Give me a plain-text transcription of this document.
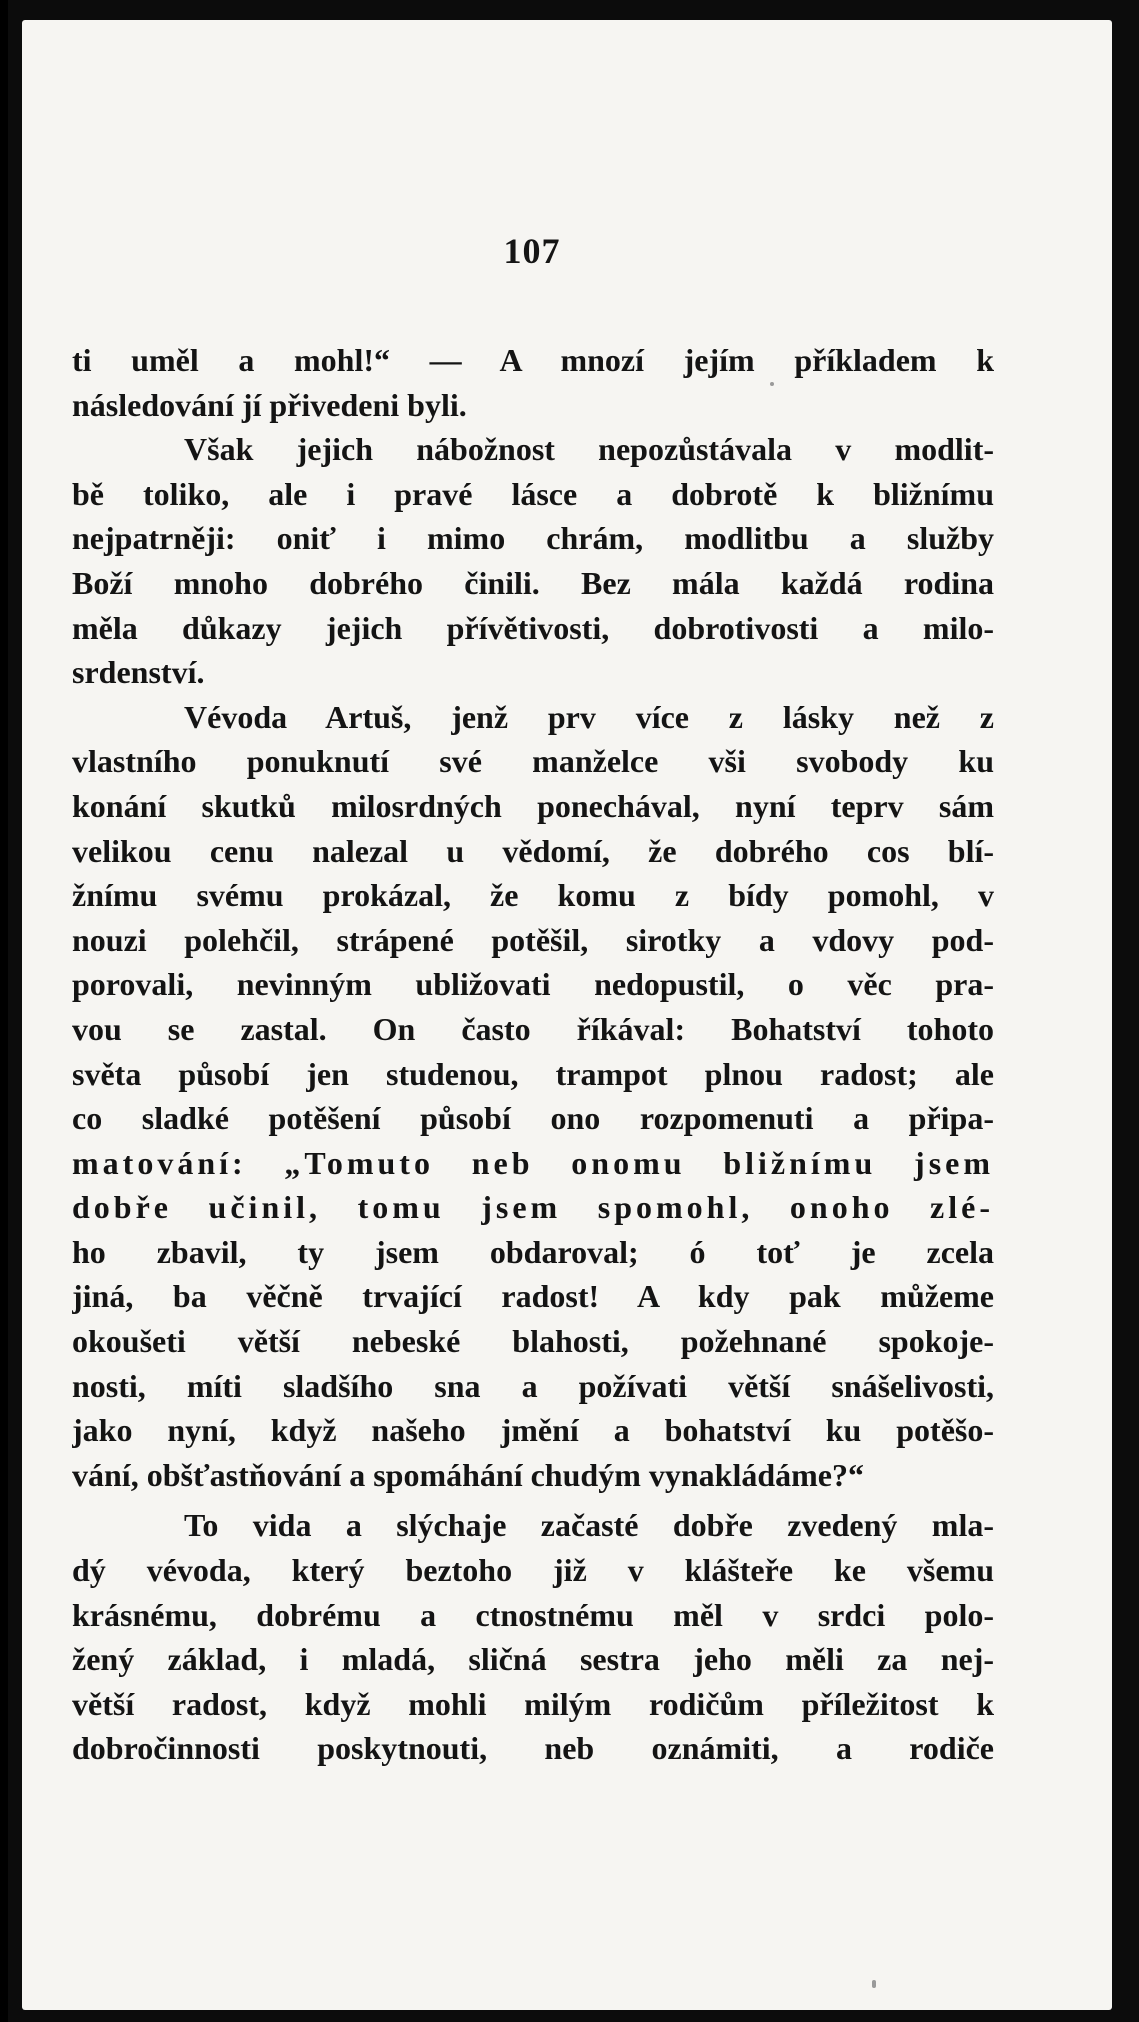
107
ti uměl a mohl!“ — A mnozí jejím příkladem k
následování jí přivedeni byli.
Však jejich nábožnost nepozůstávala v modlit-
bě tolikо, ale i pravé lásce a dobrotě k bližnímu
nejpatrněji: oniť i mimo chrám, modlitbu a služby
Boží mnoho dobrého činili. Bez mála každá rodina
měla důkazy jejich přívětivosti, dobrotivosti a milo-
srdenství.
Vévoda Artuš, jenž prv více z lásky než z
vlastního ponuknutí své manželce vši svobody ku
konání skutků milosrdných ponechával, nyní teprv sám
velikou cenu nalezal u vědomí, že dobrého cos blí-
žnímu svému prokázal, že komu z bídy pomohl, v
nouzi polehčil, strápené potěšil, sirotky a vdovy pod-
porovali, nevinným ubližovati nedopustil, o věc pra-
vou se zastal. On často říkával: Bohatství tohoto
světa působí jen studenou, trampot plnou radost; ale
co sladké potěšení působí ono rozpomenuti a připa-
matování: „Tomuto neb onomu bližnímu jsem
dobře učinil, tomu jsem spomohl, onoho zlé-
ho zbavil, ty jsem obdaroval; ó toť je zcela
jiná, ba věčně trvající radost! A kdy pak můžeme
okoušeti větší nebeské blahosti, požehnané spokoje-
nosti, míti sladšího sna a požívati větší snášelivosti,
jako nyní, když našeho jmění a bohatství ku potěšo-
vání, obšťastňování a spomáhání chudým vynakládáme?“
To vida a slýchaje začasté dobře zvedený mla-
dý vévoda, který beztoho již v klášteře ke všemu
krásnému, dobrému a ctnostnému měl v srdci polo-
žený základ, i mladá, sličná sestra jeho měli za nej-
větší radost, když mohli milým rodičům příležitost k
dobročinnosti poskytnouti, neb oznámiti, a rodiče
